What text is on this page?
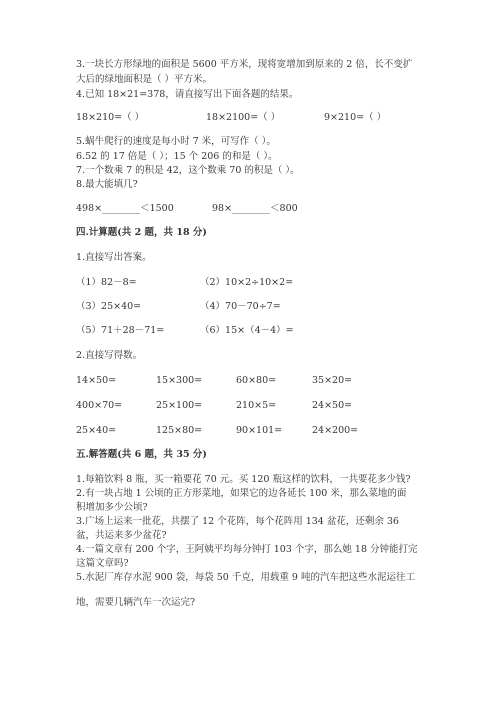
3.一块长方形绿地的面积是 5600 平方米，现将宽增加到原来的 2 倍，长不变扩
大后的绿地面积是（ ）平方米。
4.已知 18×21=378，请直接写出下面各题的结果。
18×210=（ ）	18×2100=（ ）	9×210=（ ）
5.蜗牛爬行的速度是每小时 7 米，可写作（ ）。
6.52 的 17 倍是（ ）；15 个 206 的和是（ ）。
7.一个数乘 7 的积是 42，这个数乘 70 的积是（ ）。
8.最大能填几?
498×________＜1500	98×________＜800
四.计算题(共 2 题，共 18 分)
1.直接写出答案。
（1）82－8=	（2）10×2÷10×2=
（3）25×40=	（4）70－70÷7=
（5）71＋28－71=	（6）15×（4－4）=
2.直接写得数。
14×50=	15×300=	60×80=	35×20=
400×70=	25×100=	210×5=	24×50=
25×40=	125×80=	90×101=	24×200=
五.解答题(共 6 题，共 35 分)
1.每箱饮料 8 瓶，买一箱要花 70 元。买 120 瓶这样的饮料，一共要花多少钱?
2.有一块占地 1 公顷的正方形菜地，如果它的边各延长 100 米，那么菜地的面
积增加多少公顷?
3.广场上运来一批花，共摆了 12 个花阵，每个花阵用 134 盆花，还剩余 36
盆，共运来多少盆花?
4.一篇文章有 200 个字，王阿姨平均每分钟打 103 个字，那么她 18 分钟能打完
这篇文章吗?
5.水泥厂库存水泥 900 袋，每袋 50 千克，用载重 9 吨的汽车把这些水泥运往工
地，需要几辆汽车一次运完?
